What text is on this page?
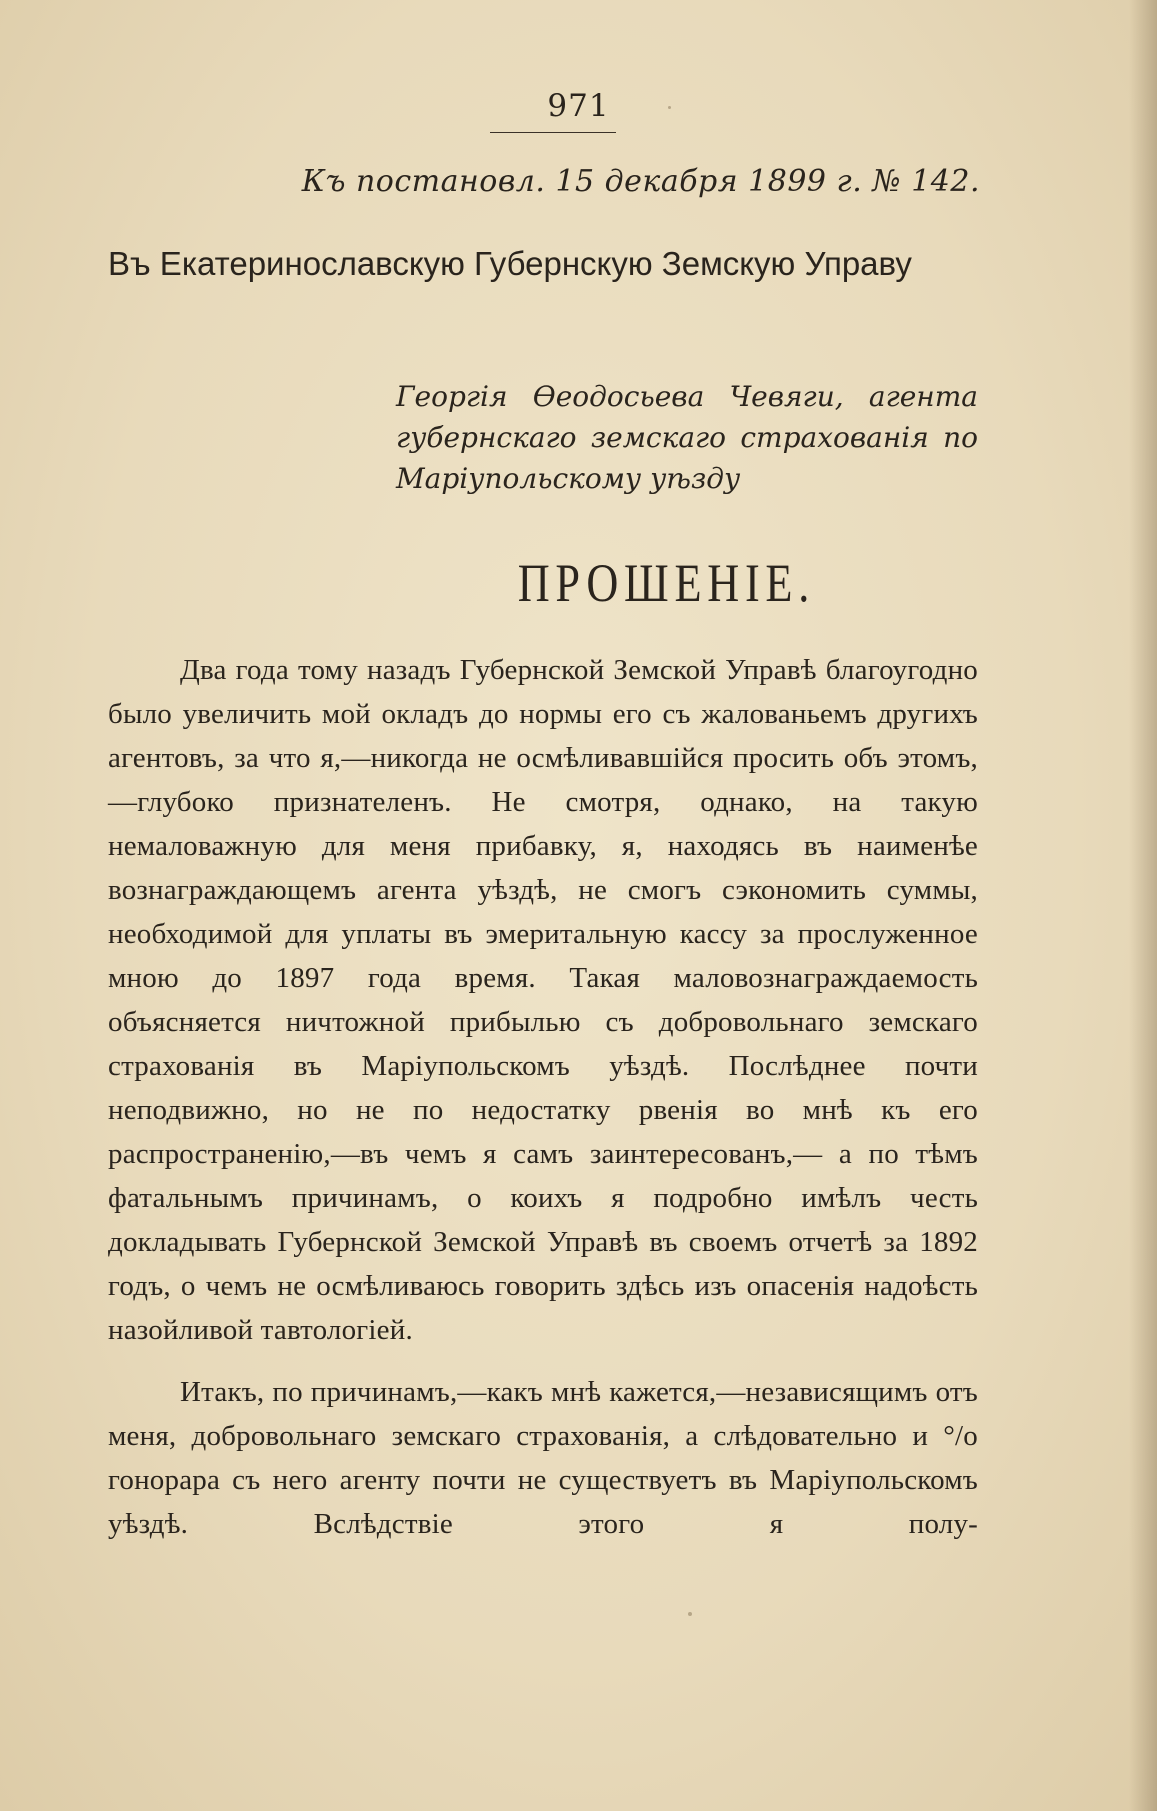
971
Къ постановл. 15 декабря 1899 г. № 142.
Въ Екатеринославскую Губернскую Земскую Управу
Георгія Ѳеодосьева Чевяги, агента губернскаго земскаго страхованія по Маріупольскому уѣзду
ПРОШЕНІЕ.

Два года тому назадъ Губернской Земской Управѣ благоугодно было увеличить мой окладъ до нормы его съ жалованьемъ другихъ агентовъ, за что я,—никогда не осмѣливавшійся просить объ этомъ,—глубоко признателенъ. Не смотря, однако, на такую немаловажную для меня прибавку, я, находясь въ наименѣе вознаграждающемъ агента уѣздѣ, не смогъ сэкономить суммы, необходимой для уплаты въ эмеритальную кассу за прослуженное мною до 1897 года время. Такая маловознаграждаемость объясняется ничтожной прибылью съ добровольнаго земскаго страхованія въ Маріупольскомъ уѣздѣ. Послѣднее почти неподвижно, но не по недостатку рвенія во мнѣ къ его распространенію,—въ чемъ я самъ заинтересованъ,— а по тѣмъ фатальнымъ причинамъ, о коихъ я подробно имѣлъ честь докладывать Губернской Земской Управѣ въ своемъ отчетѣ за 1892 годъ, о чемъ не осмѣливаюсь говорить здѣсь изъ опасенія надоѣсть назойливой тавтологіей.

Итакъ, по причинамъ,—какъ мнѣ кажется,—независящимъ отъ меня, добровольнаго земскаго страхованія, а слѣдовательно и °/o гонорара съ него агенту почти не существуетъ въ Маріупольскомъ уѣздѣ. Вслѣдствіе этого я полу-
